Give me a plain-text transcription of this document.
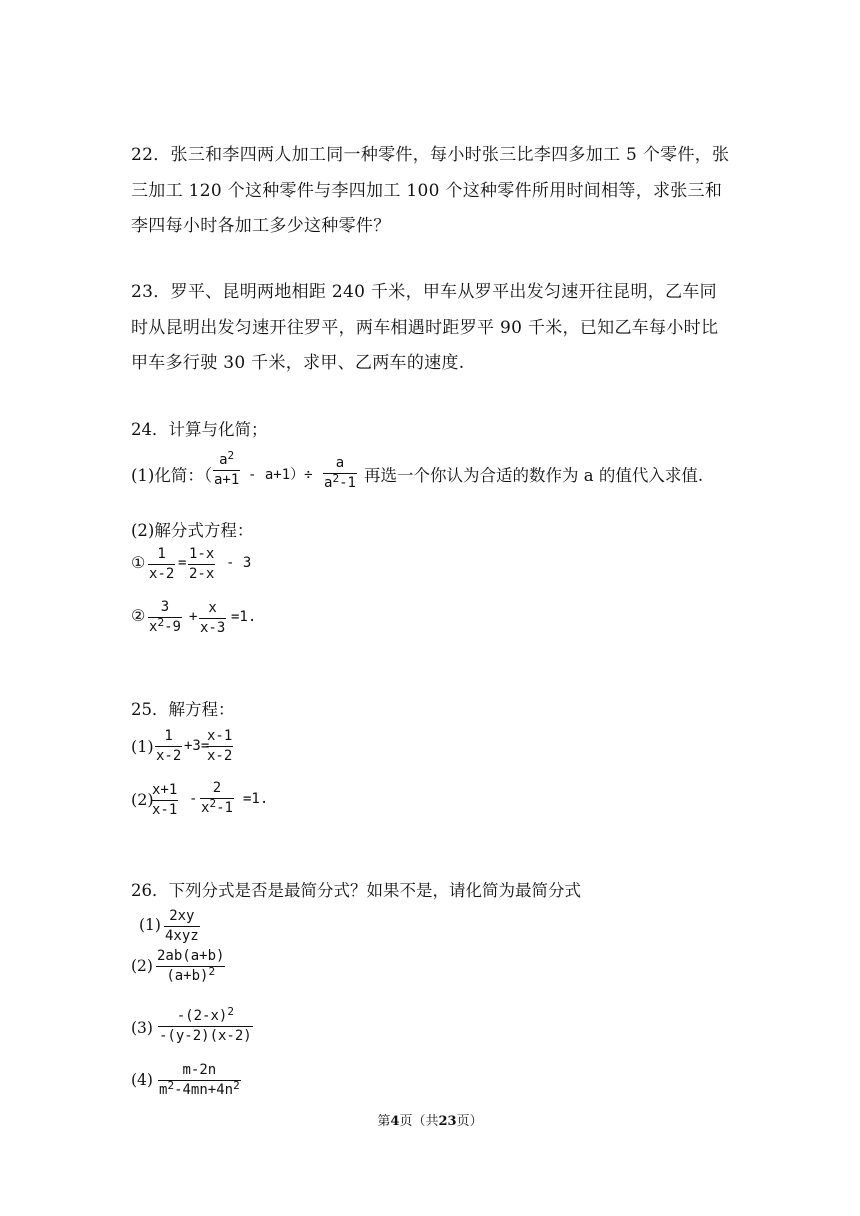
22．张三和李四两人加工同一种零件，每小时张三比李四多加工 5 个零件，张三加工 120 个这种零件与李四加工 100 个这种零件所用时间相等，求张三和李四每小时各加工多少这种零件？
23．罗平、昆明两地相距 240 千米，甲车从罗平出发匀速开往昆明，乙车同时从昆明出发匀速开往罗平，两车相遇时距罗平 90 千米，已知乙车每小时比甲车多行驶 30 千米，求甲、乙两车的速度.
24．计算与化简；
(1)化简：（ $\frac{a^2}{a+1} - a+1)\div \frac{a}{a^2-1}$ 再选一个你认为合适的数作为 a 的值代入求值.
(2)解分式方程：
① $\frac{1}{x-2} = \frac{1-x}{2-x} - 3$
② $\frac{3}{x^2-9} + \frac{x}{x-3} =1$.
25．解方程：
$(1) \frac{1}{x-2} +3=$
$\frac{x-1}{x-2}$
(2)
$\frac{x+1}{x-1} - \frac{2}{x^2-1} =1$.
26．下列分式是否是最简分式？如果不是，请化简为最简分式
(1) 2xy
4xyz
$(2) \frac{2ab(a+b)}{(a+b)^2}$
$(3) \frac{-(2-x)^2}{-(y-2)(x-2)}$
$(4) \frac{m-2n}{m^2-4mn+4n^2}$
第4页（共23页）
